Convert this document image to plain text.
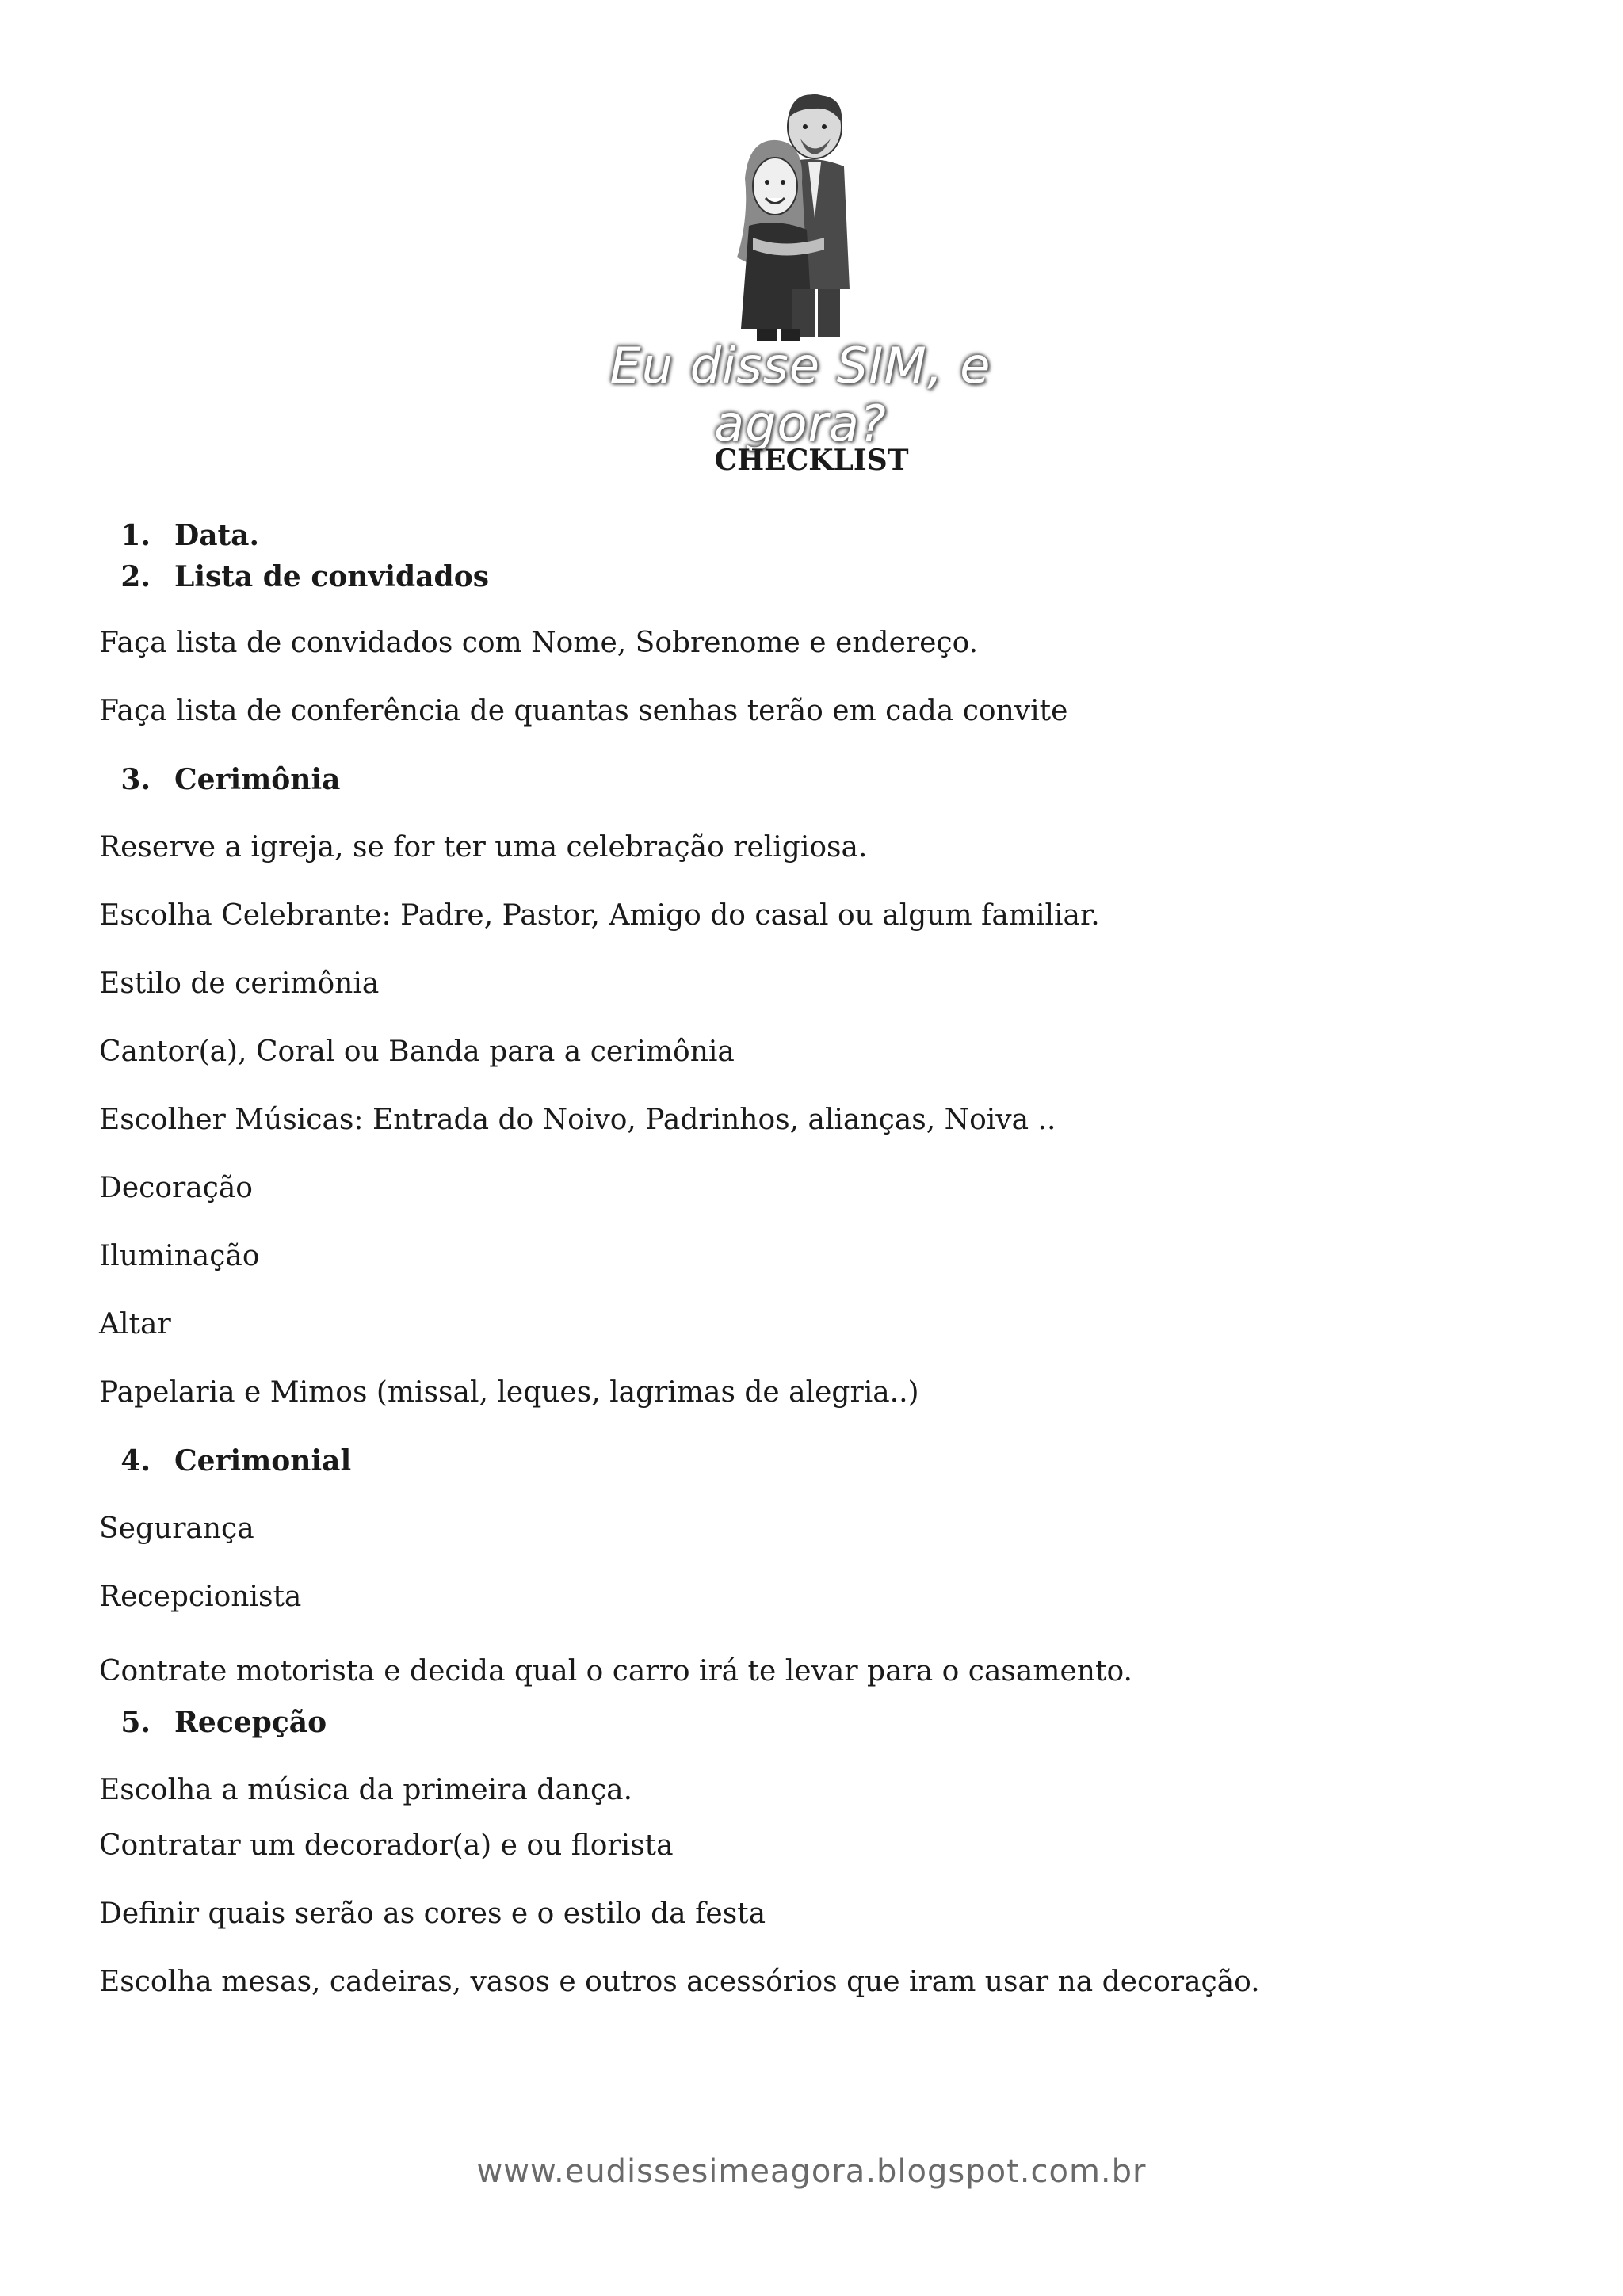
Eu disse SIM, e agora?
CHECKLIST
1. Data.
2. Lista de convidados

Faça lista de convidados com Nome, Sobrenome e endereço.

Faça lista de conferência de quantas senhas terão em cada convite

3. Cerimônia

Reserve a igreja, se for ter uma celebração religiosa.

Escolha Celebrante: Padre, Pastor, Amigo do casal ou algum familiar.

Estilo de cerimônia

Cantor(a), Coral ou Banda para a cerimônia

Escolher Músicas: Entrada do Noivo, Padrinhos, alianças, Noiva ..

Decoração

Iluminação

Altar

Papelaria e Mimos (missal, leques, lagrimas de alegria..)

4. Cerimonial

Segurança

Recepcionista

Contrate motorista e decida qual o carro irá te levar para o casamento.

5. Recepção

Escolha a música da primeira dança.

Contratar um decorador(a) e ou florista

Definir quais serão as cores e o estilo da festa

Escolha mesas, cadeiras, vasos e outros acessórios que iram usar na decoração.

www.eudissesimeagora.blogspot.com.br
